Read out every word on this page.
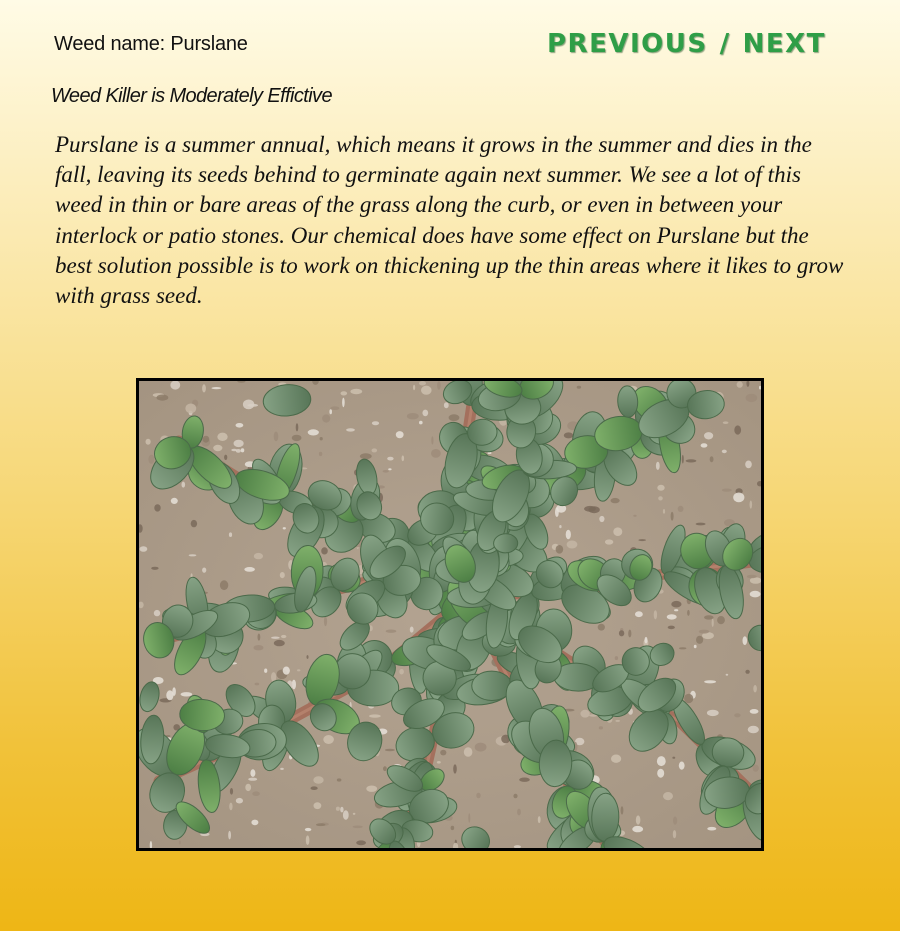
Weed name: Purslane	PREVIOUS / NEXT
Weed Killer is Moderately Effictive

Purslane is a summer annual, which means it grows in the summer and dies in the fall, leaving its seeds behind to germinate again next summer. We see a lot of this weed in thin or bare areas of the grass along the curb, or even in between your interlock or patio stones. Our chemical does have some effect on Purslane but the best solution possible is to work on thickening up the thin areas where it likes to grow with grass seed.
